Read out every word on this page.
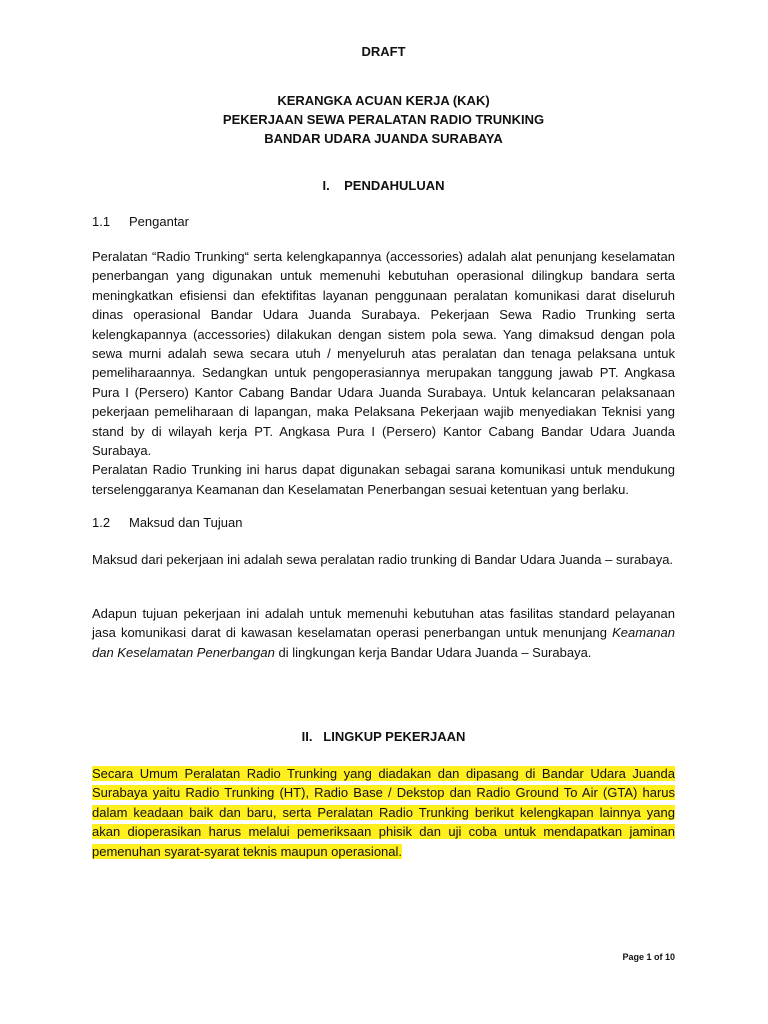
DRAFT
KERANGKA ACUAN KERJA (KAK)
PEKERJAAN SEWA PERALATAN RADIO TRUNKING
BANDAR UDARA JUANDA SURABAYA
I.    PENDAHULUAN
1.1 Pengantar

Peralatan “Radio Trunking“ serta kelengkapannya (accessories) adalah alat penunjang keselamatan penerbangan yang digunakan untuk memenuhi kebutuhan operasional dilingkup bandara serta meningkatkan efisiensi dan efektifitas layanan penggunaan peralatan komunikasi darat diseluruh dinas operasional Bandar Udara Juanda Surabaya. Pekerjaan Sewa Radio Trunking serta kelengkapannya (accessories) dilakukan dengan sistem pola sewa. Yang dimaksud dengan pola sewa murni adalah sewa secara utuh / menyeluruh atas peralatan dan tenaga pelaksana untuk pemeliharaannya. Sedangkan untuk pengoperasiannya merupakan tanggung jawab PT. Angkasa Pura I (Persero) Kantor Cabang Bandar Udara Juanda Surabaya. Untuk kelancaran pelaksanaan pekerjaan pemeliharaan di lapangan, maka Pelaksana Pekerjaan wajib menyediakan Teknisi yang stand by di wilayah kerja PT. Angkasa Pura I (Persero) Kantor Cabang Bandar Udara Juanda Surabaya.

Peralatan Radio Trunking ini harus dapat digunakan sebagai sarana komunikasi untuk mendukung terselenggaranya Keamanan dan Keselamatan Penerbangan sesuai ketentuan yang berlaku.

1.2 Maksud dan Tujuan

Maksud dari pekerjaan ini adalah sewa peralatan radio trunking di Bandar Udara Juanda – surabaya.

Adapun tujuan pekerjaan ini adalah untuk memenuhi kebutuhan atas fasilitas standard pelayanan jasa komunikasi darat di kawasan keselamatan operasi penerbangan untuk menunjang Keamanan dan Keselamatan Penerbangan di lingkungan kerja Bandar Udara Juanda – Surabaya.

II.   LINGKUP PEKERJAAN

Secara Umum Peralatan Radio Trunking yang diadakan dan dipasang di Bandar Udara Juanda Surabaya yaitu Radio Trunking (HT), Radio Base / Dekstop dan Radio Ground To Air (GTA) harus dalam keadaan baik dan baru, serta Peralatan Radio Trunking berikut kelengkapan lainnya yang akan dioperasikan harus melalui pemeriksaan phisik dan uji coba untuk mendapatkan jaminan pemenuhan syarat-syarat teknis maupun operasional.

Page 1 of 10
